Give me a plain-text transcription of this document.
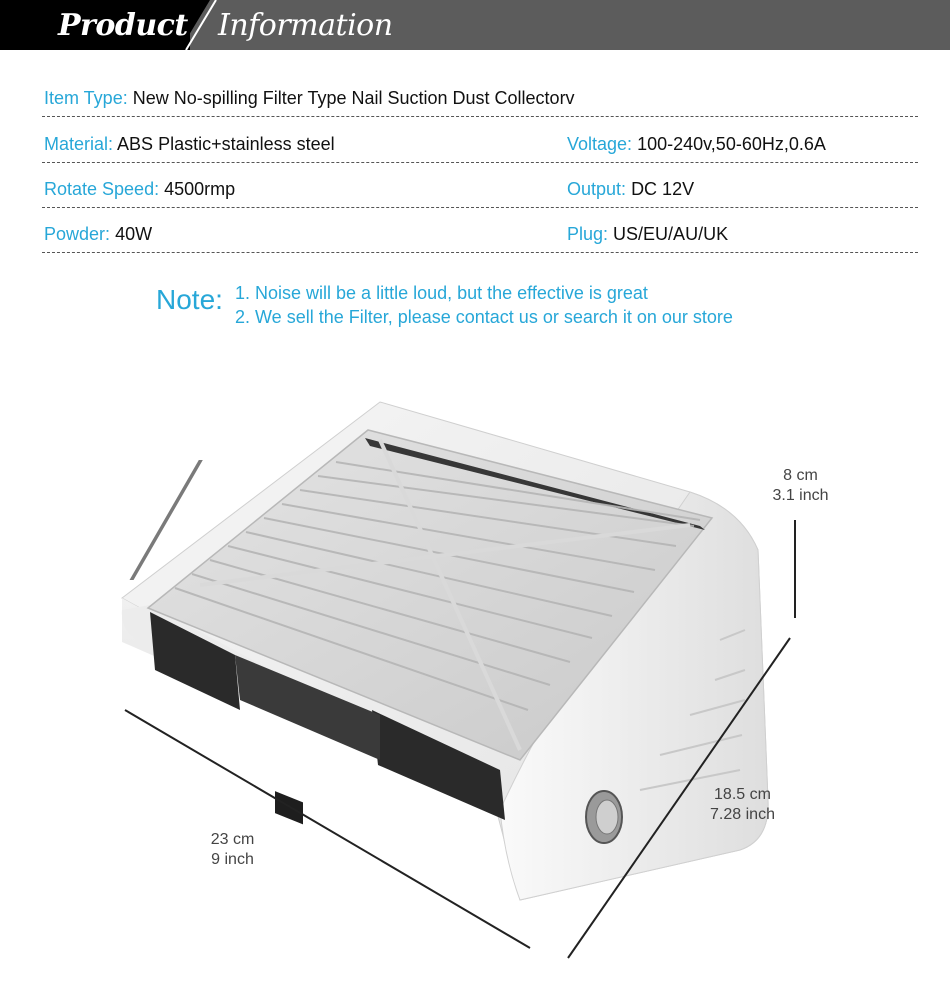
Product Information
Item Type: New No-spilling Filter Type Nail Suction Dust Collectorv
Material: ABS Plastic+stainless steel	Voltage: 100-240v,50-60Hz,0.6A
Rotate Speed: 4500rmp	Output: DC 12V
Powder: 40W	Plug: US/EU/AU/UK
Note: 1. Noise will be a little loud, but the effective is great
2. We sell the Filter, please contact us or search it on our store
8 cm
3.1 inch
18.5 cm
7.28 inch
23 cm
9 inch
